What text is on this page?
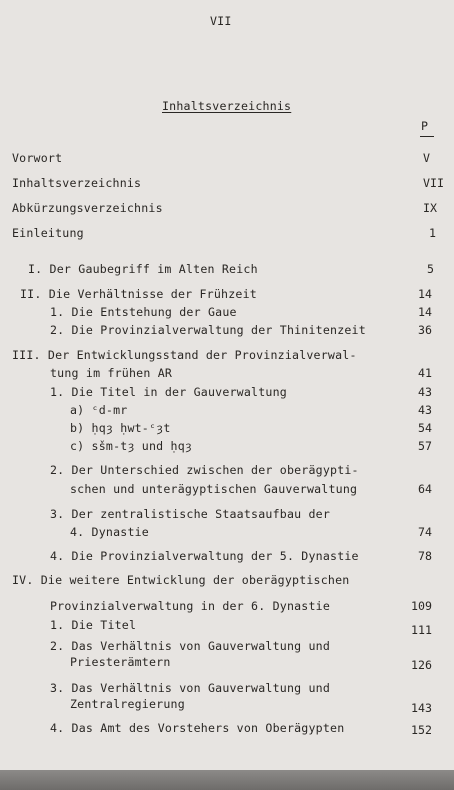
VII
Inhaltsverzeichnis
P
Vorwort	V
Inhaltsverzeichnis	VII
Abkürzungsverzeichnis	IX
Einleitung	1
I. Der Gaubegriff im Alten Reich	5
II. Die Verhältnisse der Frühzeit	14
1. Die Entstehung der Gaue	14
2. Die Provinzialverwaltung der Thinitenzeit	36
III. Der Entwicklungsstand der Provinzialverwal-
tung im frühen AR	41
1. Die Titel in der Gauverwaltung	43
a) ᶜd-mr	43
b) ḥqȝ ḥwt-ᶜȝt	54
c) sšm-tȝ und ḥqȝ	57
2. Der Unterschied zwischen der oberägypti-
schen und unterägyptischen Gauverwaltung	64
3. Der zentralistische Staatsaufbau der
4. Dynastie	74
4. Die Provinzialverwaltung der 5. Dynastie	78
IV. Die weitere Entwicklung der oberägyptischen
Provinzialverwaltung in der 6. Dynastie	109
1. Die Titel	111
2. Das Verhältnis von Gauverwaltung und
Priesterämtern	126
3. Das Verhältnis von Gauverwaltung und
Zentralregierung	143
4. Das Amt des Vorstehers von Oberägypten	152
